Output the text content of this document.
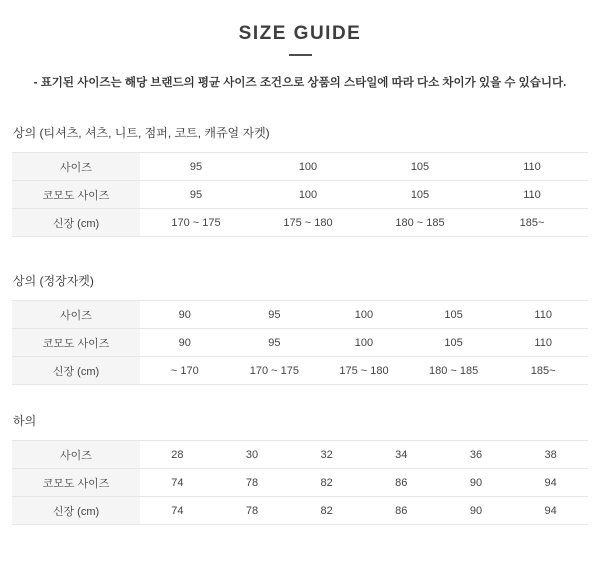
SIZE GUIDE
- 표기된 사이즈는 해당 브랜드의 평균 사이즈 조건으로 상품의 스타일에 따라 다소 차이가 있을 수 있습니다.
상의 (티셔츠, 셔츠, 니트, 점퍼, 코트, 캐쥬얼 자켓)
사이즈	95	100	105	110
코모도 사이즈	95	100	105	110
신장 (cm)	170 ~ 175	175 ~ 180	180 ~ 185	185~
상의 (정장자켓)
사이즈	90	95	100	105	110
코모도 사이즈	90	95	100	105	110
신장 (cm)	~ 170	170 ~ 175	175 ~ 180	180 ~ 185	185~
하의
사이즈	28	30	32	34	36	38
코모도 사이즈	74	78	82	86	90	94
신장 (cm)	74	78	82	86	90	94
